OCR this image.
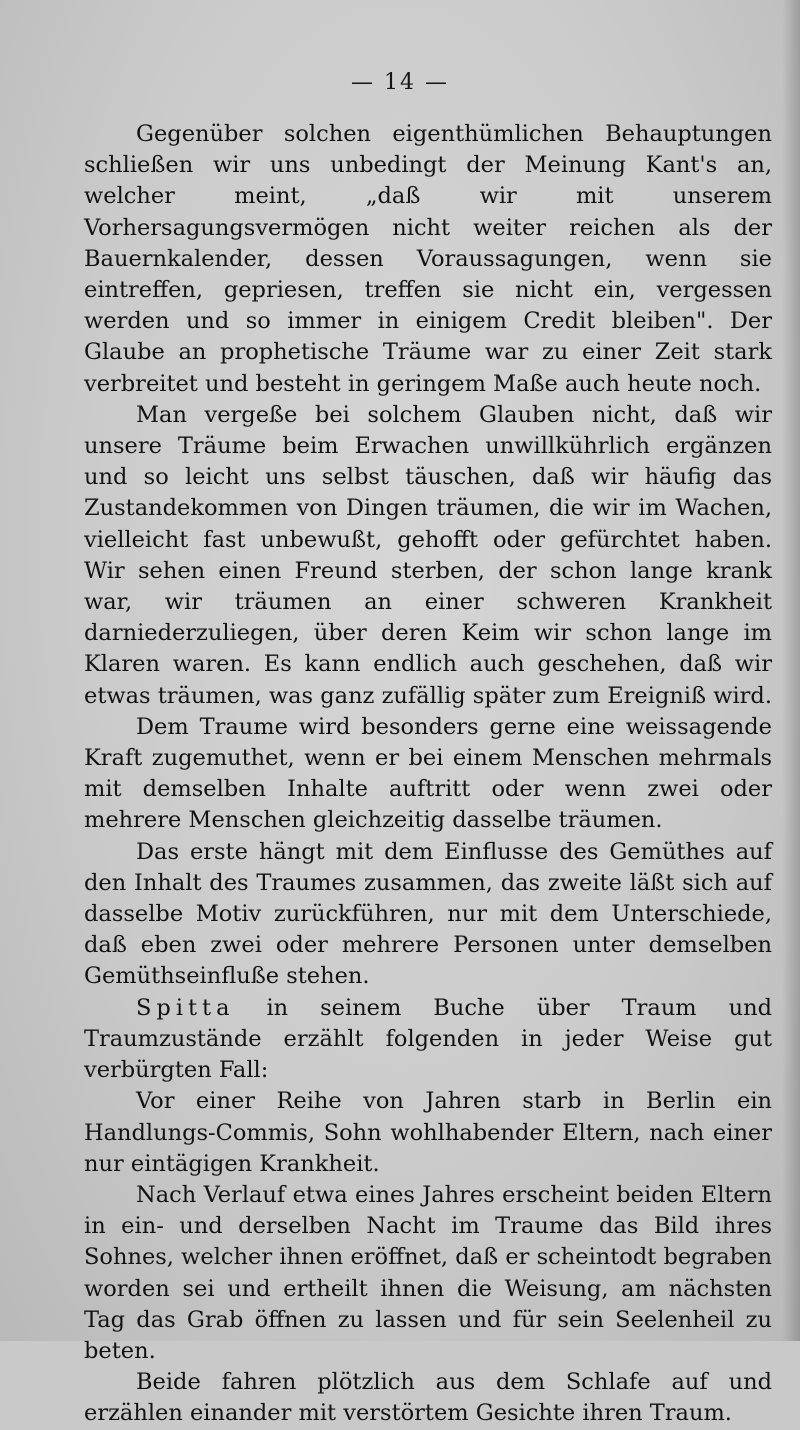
— 14 —

Gegenüber solchen eigenthümlichen Behauptungen schließen wir uns unbedingt der Meinung Kant's an, welcher meint, „daß wir mit unserem Vorhersagungsvermögen nicht weiter reichen als der Bauernkalender, dessen Voraussagungen, wenn sie eintreffen, gepriesen, treffen sie nicht ein, vergessen werden und so immer in einigem Credit bleiben". Der Glaube an prophetische Träume war zu einer Zeit stark verbreitet und besteht in geringem Maße auch heute noch.

Man vergeße bei solchem Glauben nicht, daß wir unsere Träume beim Erwachen unwillkührlich ergänzen und so leicht uns selbst täuschen, daß wir häufig das Zustandekommen von Dingen träumen, die wir im Wachen, vielleicht fast unbewußt, gehofft oder gefürchtet haben. Wir sehen einen Freund sterben, der schon lange krank war, wir träumen an einer schweren Krankheit darniederzuliegen, über deren Keim wir schon lange im Klaren waren. Es kann endlich auch geschehen, daß wir etwas träumen, was ganz zufällig später zum Ereigniß wird.

Dem Traume wird besonders gerne eine weissagende Kraft zugemuthet, wenn er bei einem Menschen mehrmals mit demselben Inhalte auftritt oder wenn zwei oder mehrere Menschen gleichzeitig dasselbe träumen.

Das erste hängt mit dem Einflusse des Gemüthes auf den Inhalt des Traumes zusammen, das zweite läßt sich auf dasselbe Motiv zurückführen, nur mit dem Unterschiede, daß eben zwei oder mehrere Personen unter demselben Gemüthseinfluße stehen.

Spitta in seinem Buche über Traum und Traumzustände erzählt folgenden in jeder Weise gut verbürgten Fall:

Vor einer Reihe von Jahren starb in Berlin ein Handlungs-Commis, Sohn wohlhabender Eltern, nach einer nur eintägigen Krankheit.

Nach Verlauf etwa eines Jahres erscheint beiden Eltern in ein- und derselben Nacht im Traume das Bild ihres Sohnes, welcher ihnen eröffnet, daß er scheintodt begraben worden sei und ertheilt ihnen die Weisung, am nächsten Tag das Grab öffnen zu lassen und für sein Seelenheil zu beten.

Beide fahren plötzlich aus dem Schlafe auf und erzählen einander mit verstörtem Gesichte ihren Traum.
